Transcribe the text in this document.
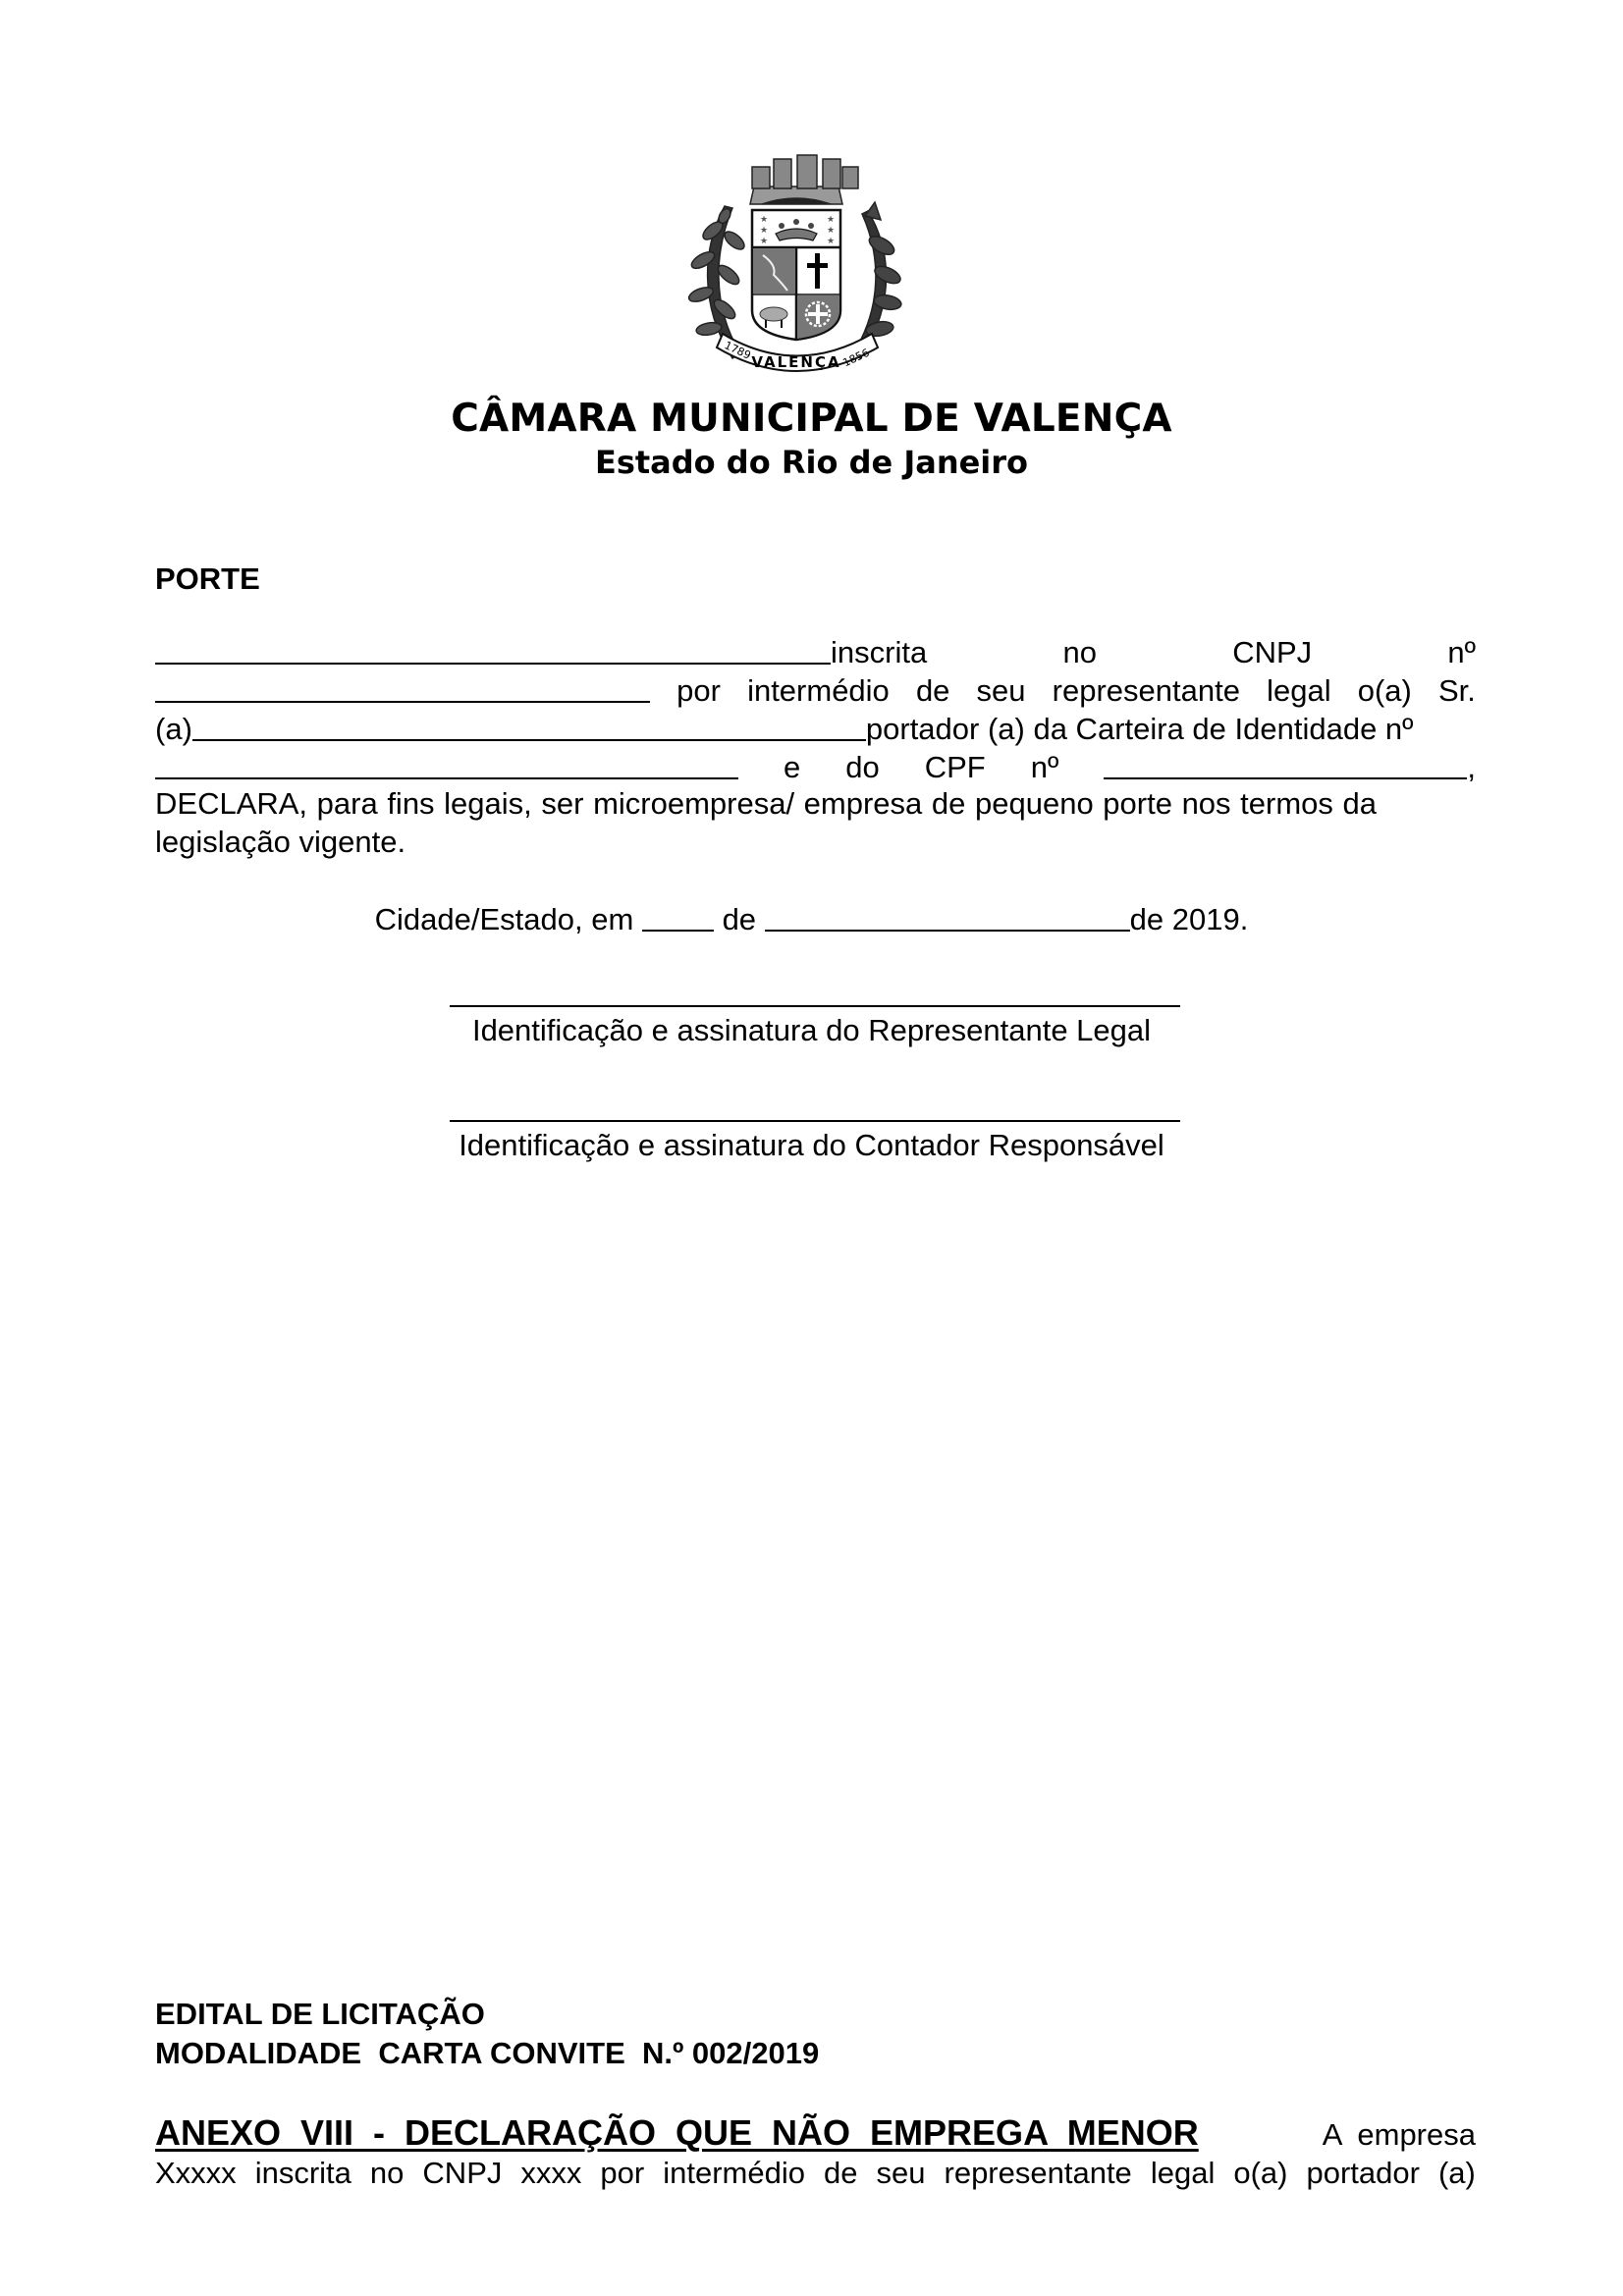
★
★
★
★
★
★
1789
VALENÇA 1856
CÂMARA MUNICIPAL DE VALENÇA
Estado do Rio de Janeiro
PORTE
inscrita	no	CNPJ	nº
por intermédio de seu representante legal o(a) Sr.
(a)	portador (a) da Carteira de Identidade nº
e do CPF nº	,
DECLARA, para fins legais, ser microempresa/ empresa de pequeno porte nos termos da
legislação vigente.
Cidade/Estado, em	de	de 2019.
Identificação e assinatura do Representante Legal
Identificação e assinatura do Contador Responsável
EDITAL DE LICITAÇÃO
MODALIDADE  CARTA CONVITE  N.º 002/2019
ANEXO VIII - DECLARAÇÃO QUE NÃO EMPREGA MENOR	A empresa
Xxxxx inscrita no CNPJ xxxx por intermédio de seu representante legal o(a) portador (a)
